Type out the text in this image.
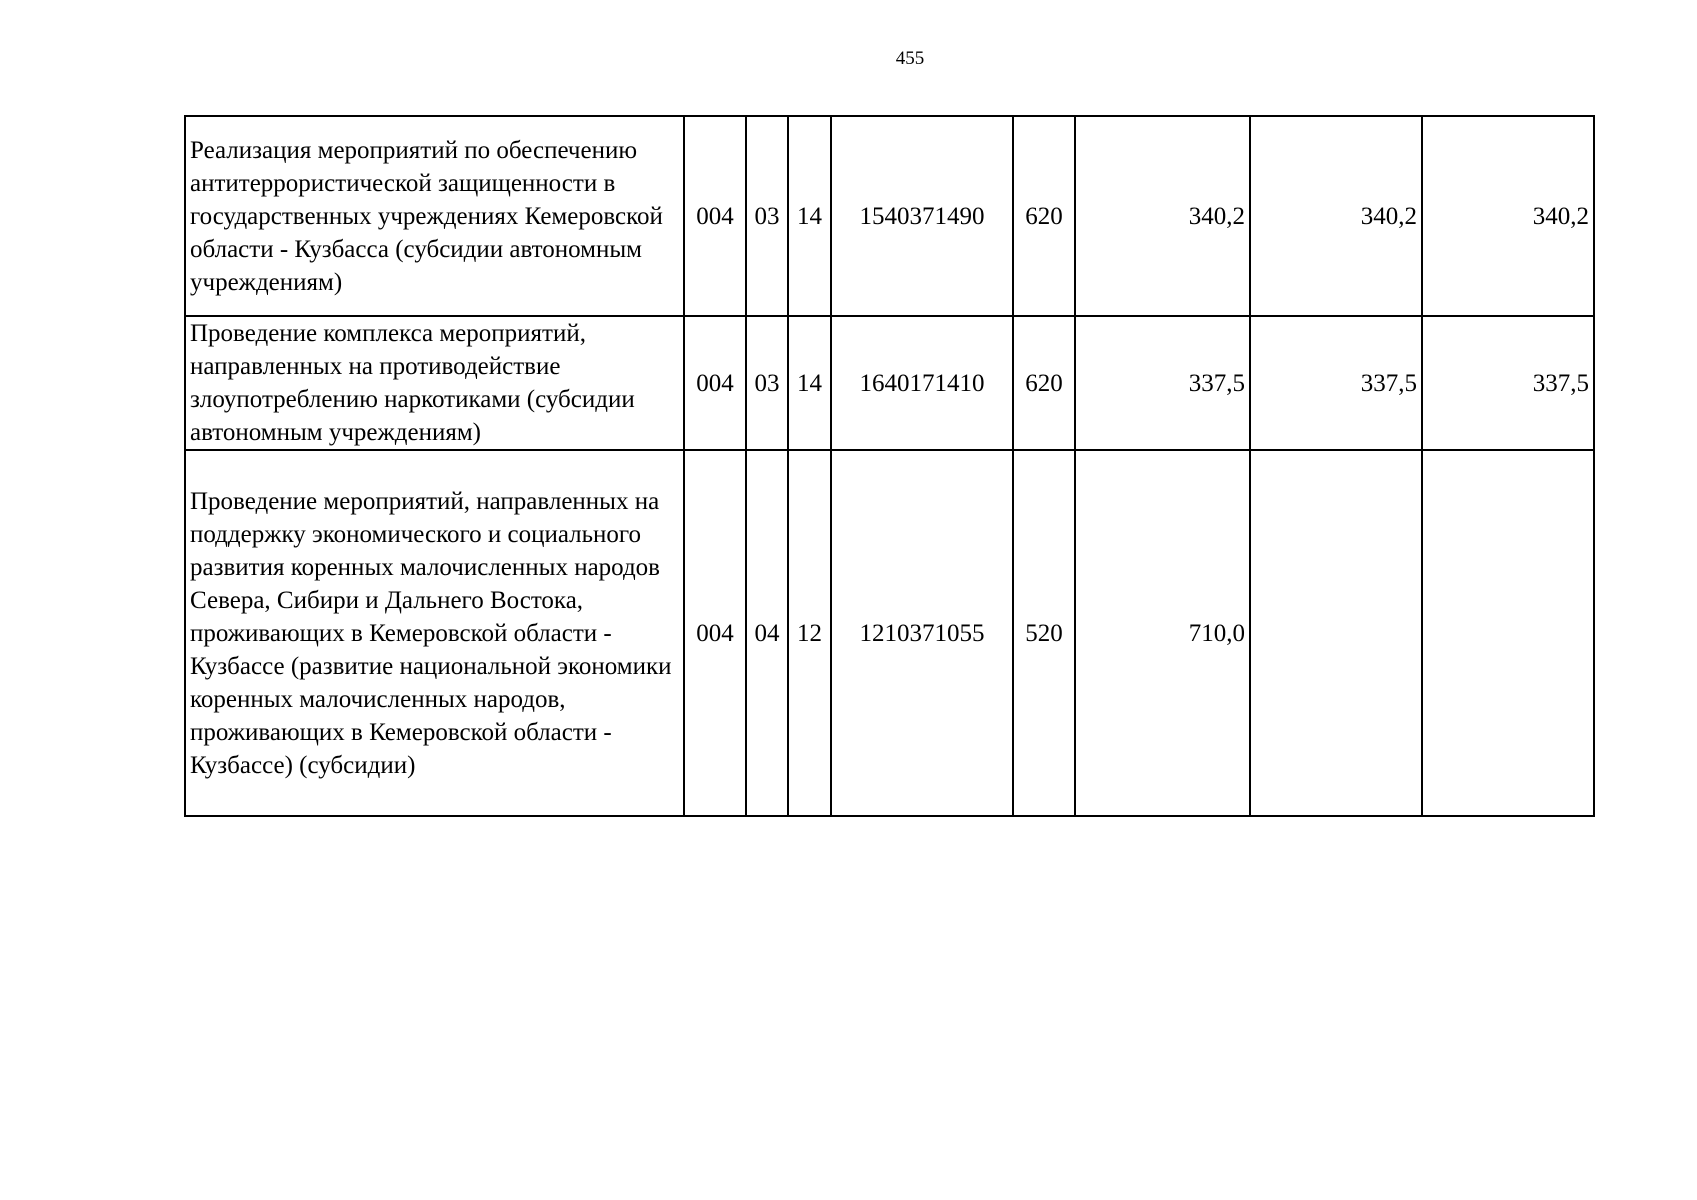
455
Реализация мероприятий по обеспечению антитеррористической защищенности в государственных учреждениях Кемеровской области - Кузбасса (субсидии автономным учреждениям)	004	03	14	1540371490	620	340,2	340,2	340,2
Проведение комплекса мероприятий, направленных на противодействие злоупотреблению наркотиками (субсидии автономным учреждениям)	004	03	14	1640171410	620	337,5	337,5	337,5
Проведение мероприятий, направленных на поддержку экономического и социального развития коренных малочисленных народов Севера, Сибири и Дальнего Востока, проживающих в Кемеровской области - Кузбассе (развитие национальной экономики коренных малочисленных народов, проживающих в Кемеровской области - Кузбассе) (субсидии)	004	04	12	1210371055	520	710,0		
